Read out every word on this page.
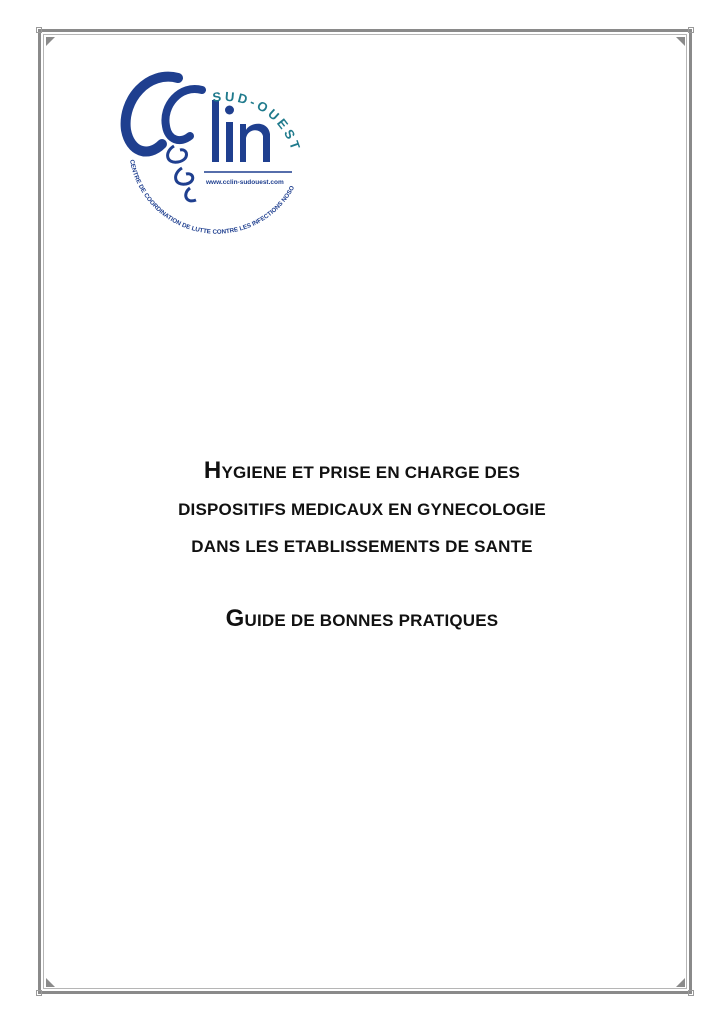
SUD-OUEST
www.cclin-sudouest.com
CENTRE DE COORDINATION DE LUTTE CONTRE LES INFECTIONS NOSO
HYGIENE ET PRISE EN CHARGE DES
DISPOSITIFS MEDICAUX EN GYNECOLOGIE
DANS LES ETABLISSEMENTS DE SANTE
GUIDE DE BONNES PRATIQUES
